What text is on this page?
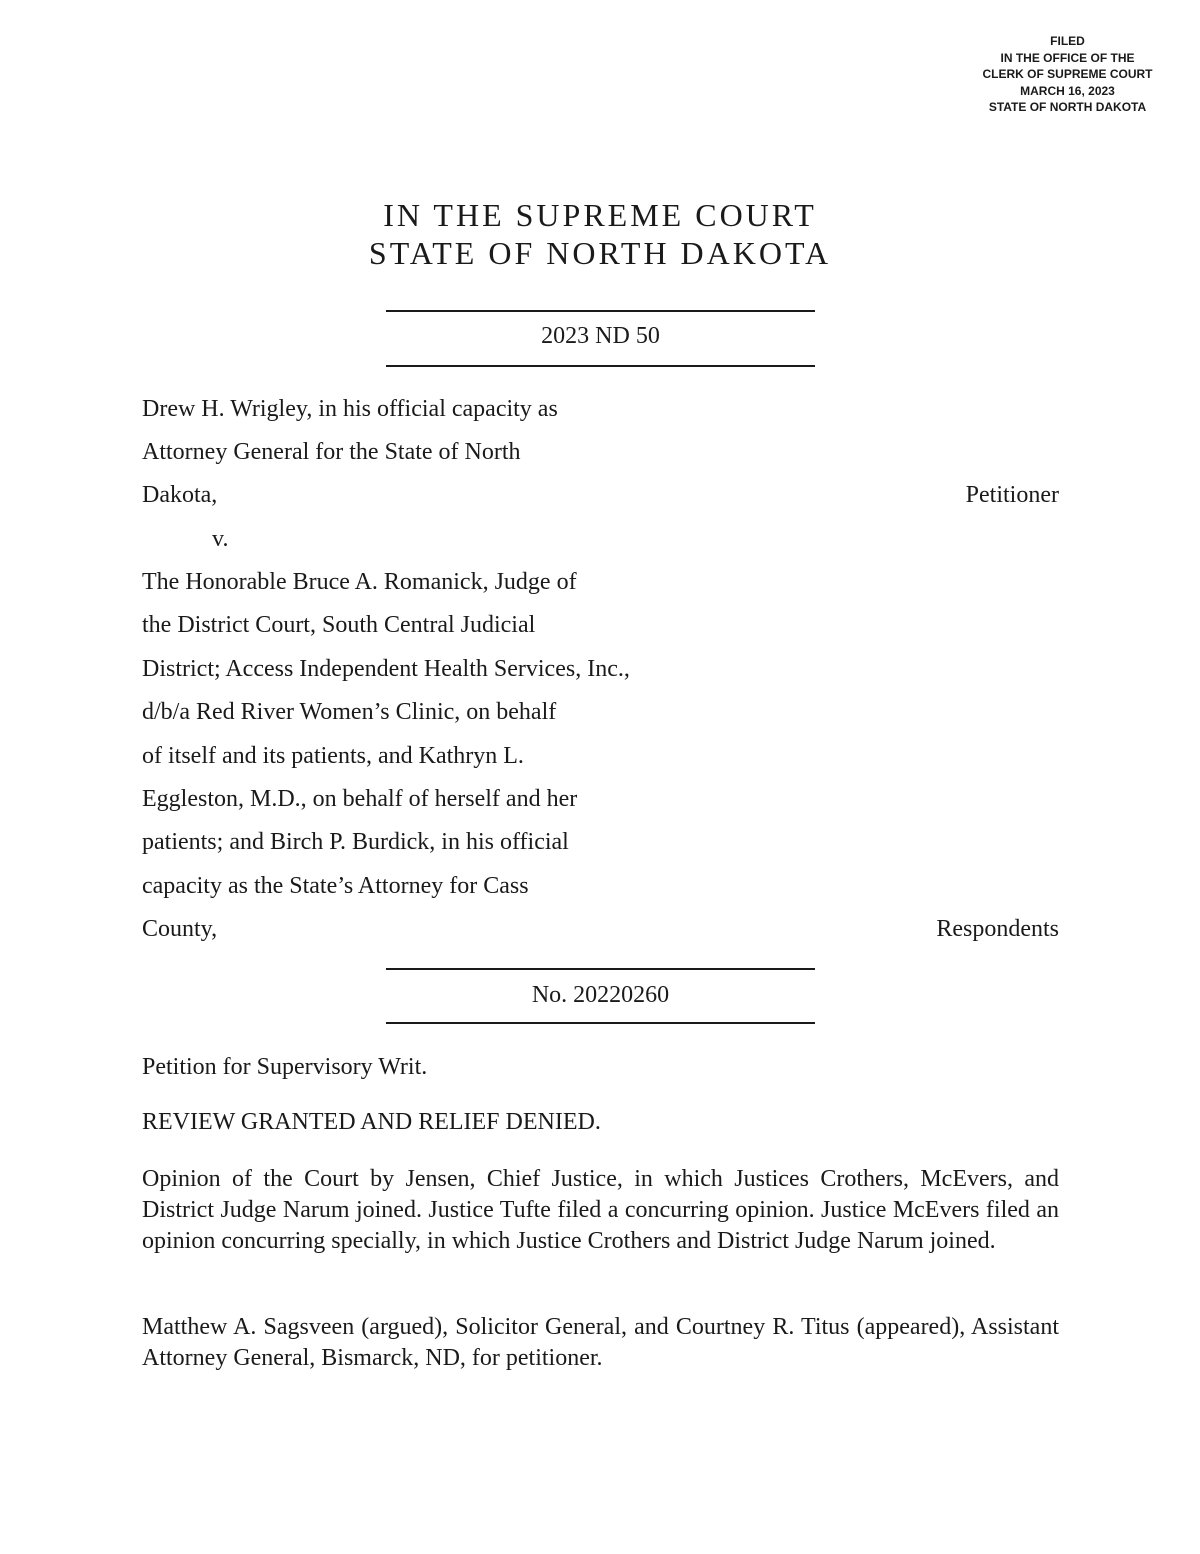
FILED
IN THE OFFICE OF THE
CLERK OF SUPREME COURT
MARCH 16, 2023
STATE OF NORTH DAKOTA
IN THE SUPREME COURT
STATE OF NORTH DAKOTA
2023 ND 50
Drew H. Wrigley, in his official capacity as
Attorney General for the State of North
Dakota,	Petitioner
v.
The Honorable Bruce A. Romanick, Judge of
the District Court, South Central Judicial
District; Access Independent Health Services, Inc.,
d/b/a Red River Women’s Clinic, on behalf
of itself and its patients, and Kathryn L.
Eggleston, M.D., on behalf of herself and her
patients; and Birch P. Burdick, in his official
capacity as the State’s Attorney for Cass
County,	Respondents
No. 20220260
Petition for Supervisory Writ.
REVIEW GRANTED AND RELIEF DENIED.
Opinion of the Court by Jensen, Chief Justice, in which Justices Crothers, McEvers, and District Judge Narum joined. Justice Tufte filed a concurring opinion. Justice McEvers filed an opinion concurring specially, in which Justice Crothers and District Judge Narum joined.
Matthew A. Sagsveen (argued), Solicitor General, and Courtney R. Titus (appeared), Assistant Attorney General, Bismarck, ND, for petitioner.
